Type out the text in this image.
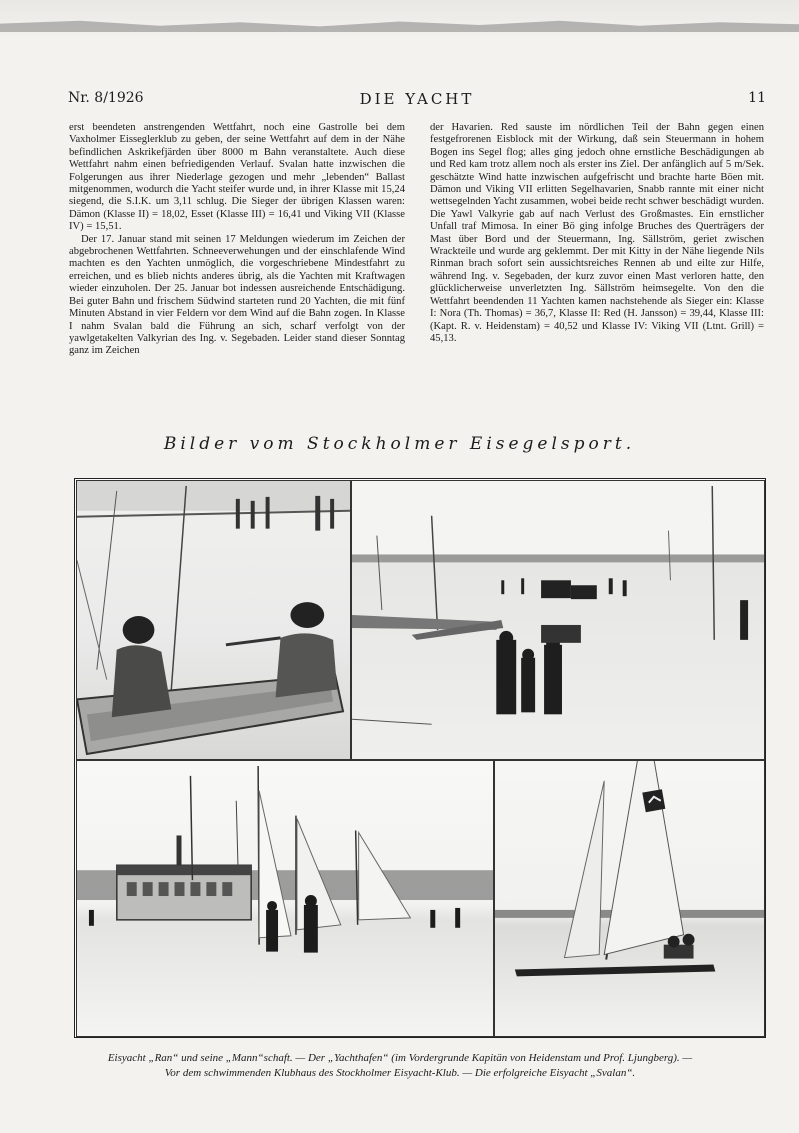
Nr. 8/1926	DIE YACHT	11

erst beendeten anstrengenden Wettfahrt, noch eine Gastrolle bei dem Vaxholmer Eisseglerklub zu geben, der seine Wettfahrt auf dem in der Nähe befindlichen Askrikefjärden über 8000 m Bahn veranstaltete. Auch diese Wettfahrt nahm einen befriedigenden Verlauf. Svalan hatte inzwischen die Folgerungen aus ihrer Niederlage gezogen und mehr „lebenden“ Ballast mitgenommen, wodurch die Yacht steifer wurde und, in ihrer Klasse mit 15,24 siegend, die S.I.K. um 3,11 schlug. Die Sieger der übrigen Klassen waren: Dämon (Klasse II) = 18,02, Esset (Klasse III) = 16,41 und Viking VII (Klasse IV) = 15,51.

Der 17. Januar stand mit seinen 17 Meldungen wiederum im Zeichen der abgebrochenen Wettfahrten. Schneeverwehungen und der einschlafende Wind machten es den Yachten unmöglich, die vorgeschriebene Mindestfahrt zu erreichen, und es blieb nichts anderes übrig, als die Yachten mit Kraftwagen wieder einzuholen. Der 25. Januar bot indessen ausreichende Entschädigung. Bei guter Bahn und frischem Südwind starteten rund 20 Yachten, die mit fünf Minuten Abstand in vier Feldern vor dem Wind auf die Bahn zogen. In Klasse I nahm Svalan bald die Führung an sich, scharf verfolgt von der yawlgetakelten Valkyrian des Ing. v. Segebaden. Leider stand dieser Sonntag ganz im Zeichen

der Havarien. Red sauste im nördlichen Teil der Bahn gegen einen festgefrorenen Eisblock mit der Wirkung, daß sein Steuermann in hohem Bogen ins Segel flog; alles ging jedoch ohne ernstliche Beschädigungen ab und Red kam trotz allem noch als erster ins Ziel. Der anfänglich auf 5 m/Sek. geschätzte Wind hatte inzwischen aufgefrischt und brachte harte Böen mit. Dämon und Viking VII erlitten Segelhavarien, Snabb rannte mit einer nicht wettsegelnden Yacht zusammen, wobei beide recht schwer beschädigt wurden. Die Yawl Valkyrie gab auf nach Verlust des Großmastes. Ein ernstlicher Unfall traf Mimosa. In einer Bö ging infolge Bruches des Querträgers der Mast über Bord und der Steuermann, Ing. Sällström, geriet zwischen Wrackteile und wurde arg geklemmt. Der mit Kitty in der Nähe liegende Nils Rinman brach sofort sein aussichtsreiches Rennen ab und eilte zur Hilfe, während Ing. v. Segebaden, der kurz zuvor einen Mast verloren hatte, den glücklicherweise unverletzten Ing. Sällström heimsegelte. Von den die Wettfahrt beendenden 11 Yachten kamen nachstehende als Sieger ein: Klasse I: Nora (Th. Thomas) = 36,7, Klasse II: Red (H. Jansson) = 39,44, Klasse III: (Kapt. R. v. Heidenstam) = 40,52 und Klasse IV: Viking VII (Ltnt. Grill) = 45,13.

Bilder vom Stockholmer Eisegelsport.
Eisyacht „Ran“ und seine „Mann“schaft. — Der „Yachthafen“ (im Vordergrunde Kapitän von Heidenstam und Prof. Ljungberg). —
Vor dem schwimmenden Klubhaus des Stockholmer Eisyacht-Klub. — Die erfolgreiche Eisyacht „Svalan“.
